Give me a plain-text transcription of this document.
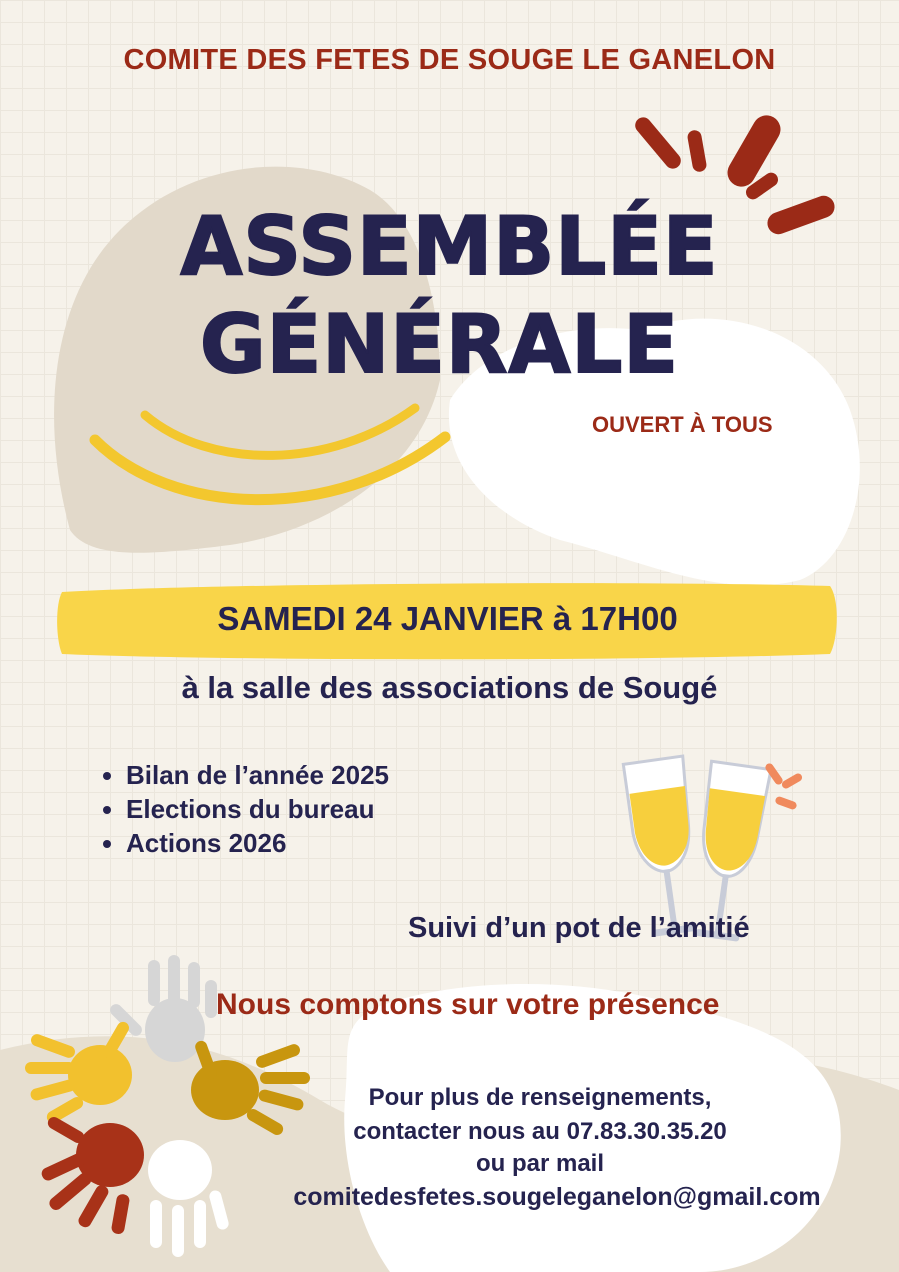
COMITE DES FETES DE SOUGE LE GANELON
ASSEMBLÉE
GÉNÉRALE
OUVERT À TOUS
SAMEDI 24 JANVIER à 17H00
à la salle des associations de Sougé
• Bilan de l’année 2025
• Elections du bureau
• Actions 2026
Suivi d’un pot de l’amitié
Nous comptons sur votre présence
Pour plus de renseignements,
contacter nous au 07.83.30.35.20
ou par mail
comitedesfetes.sougeleganelon@gmail.com
